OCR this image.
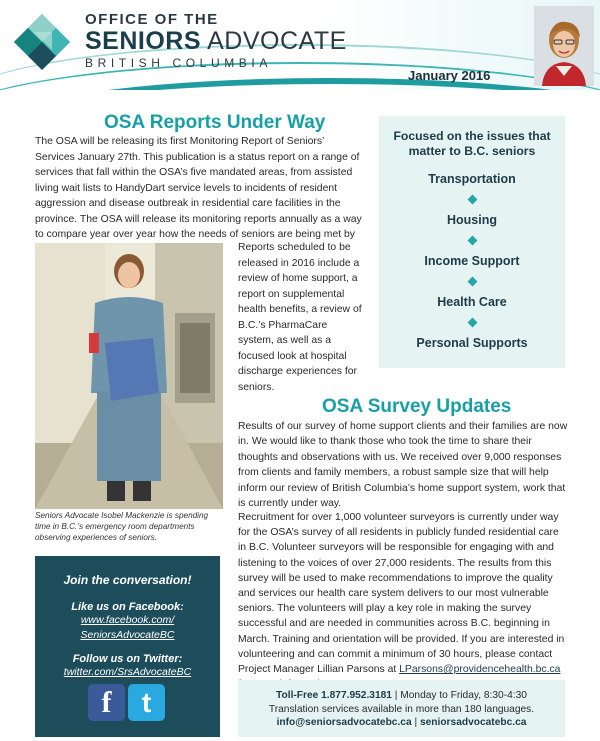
OFFICE OF THE
SENIORS ADVOCATE
BRITISH COLUMBIA
January 2016
OSA Reports Under Way

The OSA will be releasing its first Monitoring Report of Seniors’ Services January 27th. This publication is a status report on a range of services that fall within the OSA’s five mandated areas, from assisted living wait lists to HandyDart service levels to incidents of resident aggression and disease outbreak in residential care facilities in the province. The OSA will release its monitoring reports annually as a way to compare year over year how the needs of seniors are being met by

Seniors Advocate Isobel Mackenzie is spending time in B.C.’s emergency room departments observing experiences of seniors.

Reports scheduled to be released in 2016 include a review of home support, a report on supplemental health benefits, a review of B.C.’s PharmaCare system, as well as a focused look at hospital discharge experiences for seniors.

Focused on the issues that matter to B.C. seniors
Transportation
Housing
Income Support
Health Care
Personal Supports
Join the conversation!
Like us on Facebook:
www.facebook.com/
SeniorsAdvocateBC
Follow us on Twitter:
twitter.com/SrsAdvocateBC
f	t
OSA Survey Updates

Results of our survey of home support clients and their families are now in. We would like to thank those who took the time to share their thoughts and observations with us. We received over 9,000 responses from clients and family members, a robust sample size that will help inform our review of British Columbia’s home support system, work that is currently under way.

Recruitment for over 1,000 volunteer surveyors is currently under way for the OSA’s survey of all residents in publicly funded residential care in B.C. Volunteer surveyors will be responsible for engaging with and listening to the voices of over 27,000 residents. The results from this survey will be used to make recommendations to improve the quality and services our health care system delivers to our most vulnerable seniors. The volunteers will play a key role in making the survey successful and are needed in communities across B.C. beginning in March. Training and orientation will be provided. If you are interested in volunteering and can commit a minimum of 30 hours, please contact Project Manager Lillian Parsons at LParsons@providencehealth.bc.ca

Toll-Free 1.877.952.3181 | Monday to Friday, 8:30-4:30
Translation services available in more than 180 languages.
info@seniorsadvocatebc.ca | seniorsadvocatebc.ca
